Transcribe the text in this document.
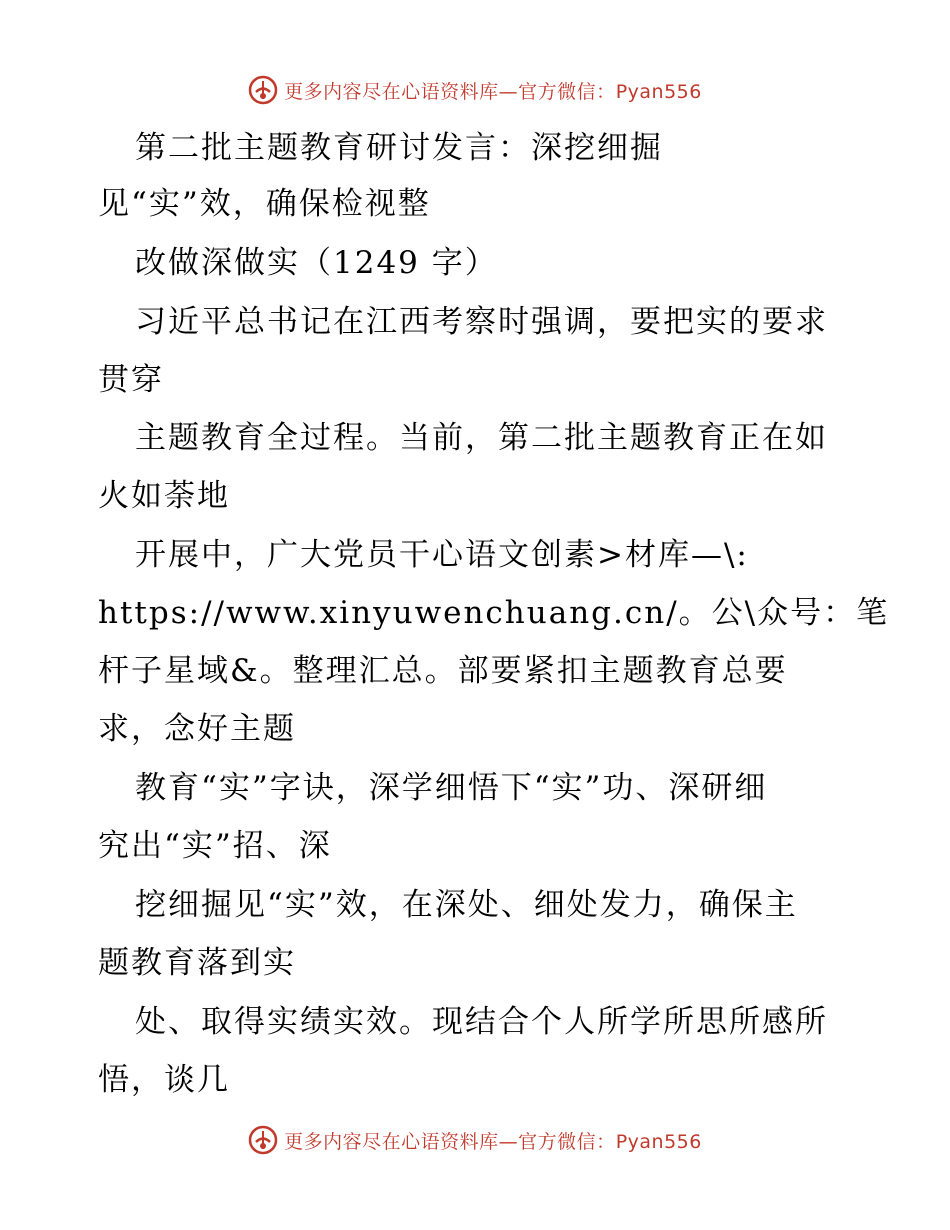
更多内容尽在心语资料库—官方微信：Pyan556
第二批主题教育研讨发言：深挖细掘
见“实”效，确保检视整
改做深做实（1249 字）
习近平总书记在江西考察时强调，要把实的要求
贯穿
主题教育全过程。当前，第二批主题教育正在如
火如荼地
开展中，广大党员干心语文创素>材库—\:
https://www.xinyuwenchuang.cn/。公\众号：笔
杆子星域&。整理汇总。部要紧扣主题教育总要
求，念好主题
教育“实”字诀，深学细悟下“实”功、深研细
究出“实”招、深
挖细掘见“实”效，在深处、细处发力，确保主
题教育落到实
处、取得实绩实效。现结合个人所学所思所感所
悟，谈几
更多内容尽在心语资料库—官方微信：Pyan556
